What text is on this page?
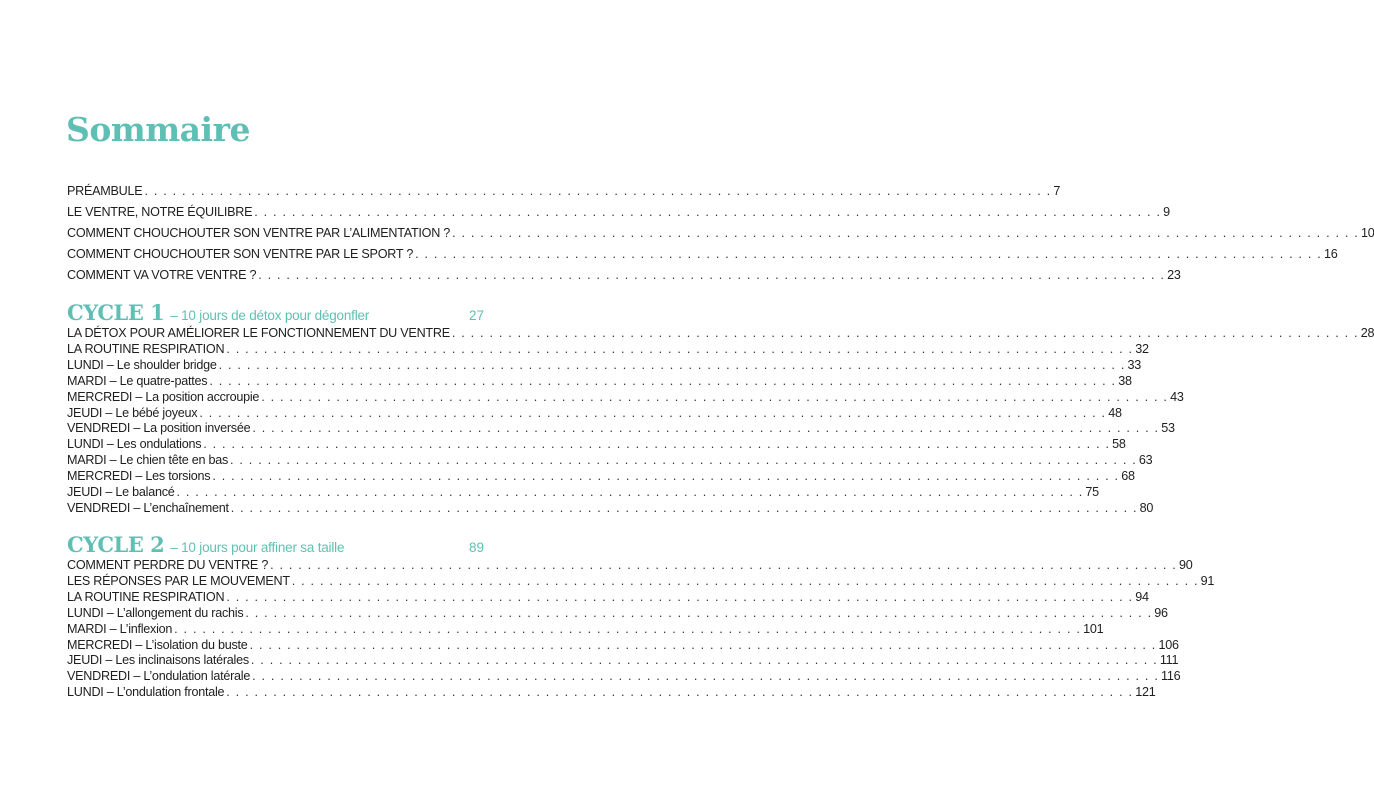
Sommaire
PRÉAMBULE . . . . . . . . . . . . . . . . . . . . . . . . . . . . . . . . . . . . . . . . . . . . . . . . . . . . . . . . . . . . . . . . . . . . . . . . . . . . . . . . . . . . . . . . . . . . . . . . . 7
LE VENTRE, NOTRE ÉQUILIBRE . . . . . . . . . . . . . . . . . . . . . . . . . . . . . . . . . . . . . . . . . . . . . . . . . . . . . . . . . . . . . . . . . . . . . . . . . . . . . . . . . . . . . . . . . . . . . . . . . 9
COMMENT CHOUCHOUTER SON VENTRE PAR L’ALIMENTATION ? . . . . . . . . . . . . . . . . . . . . . . . . . . . . . . . . . . . . . . . . . . . . . . . . . . . . . . . . . . . . . . . . . . . . . . . . . . . . . . . . . . . . . . . . . . . . . . . . . 10
COMMENT CHOUCHOUTER SON VENTRE PAR LE SPORT ? . . . . . . . . . . . . . . . . . . . . . . . . . . . . . . . . . . . . . . . . . . . . . . . . . . . . . . . . . . . . . . . . . . . . . . . . . . . . . . . . . . . . . . . . . . . . . . . . . 16
COMMENT VA VOTRE VENTRE ? . . . . . . . . . . . . . . . . . . . . . . . . . . . . . . . . . . . . . . . . . . . . . . . . . . . . . . . . . . . . . . . . . . . . . . . . . . . . . . . . . . . . . . . . . . . . . . . . . 23
CYCLE 1 – 10 jours de détox pour dégonfler	27
LA DÉTOX POUR AMÉLIORER LE FONCTIONNEMENT DU VENTRE . . . . . . . . . . . . . . . . . . . . . . . . . . . . . . . . . . . . . . . . . . . . . . . . . . . . . . . . . . . . . . . . . . . . . . . . . . . . . . . . . . . . . . . . . . . . . . . . . 28
LA ROUTINE RESPIRATION . . . . . . . . . . . . . . . . . . . . . . . . . . . . . . . . . . . . . . . . . . . . . . . . . . . . . . . . . . . . . . . . . . . . . . . . . . . . . . . . . . . . . . . . . . . . . . . . . 32
LUNDI – Le shoulder bridge . . . . . . . . . . . . . . . . . . . . . . . . . . . . . . . . . . . . . . . . . . . . . . . . . . . . . . . . . . . . . . . . . . . . . . . . . . . . . . . . . . . . . . . . . . . . . . . . . 33
MARDI – Le quatre-pattes . . . . . . . . . . . . . . . . . . . . . . . . . . . . . . . . . . . . . . . . . . . . . . . . . . . . . . . . . . . . . . . . . . . . . . . . . . . . . . . . . . . . . . . . . . . . . . . . . 38
MERCREDI – La position accroupie . . . . . . . . . . . . . . . . . . . . . . . . . . . . . . . . . . . . . . . . . . . . . . . . . . . . . . . . . . . . . . . . . . . . . . . . . . . . . . . . . . . . . . . . . . . . . . . . . 43
JEUDI – Le bébé joyeux . . . . . . . . . . . . . . . . . . . . . . . . . . . . . . . . . . . . . . . . . . . . . . . . . . . . . . . . . . . . . . . . . . . . . . . . . . . . . . . . . . . . . . . . . . . . . . . . . 48
VENDREDI – La position inversée . . . . . . . . . . . . . . . . . . . . . . . . . . . . . . . . . . . . . . . . . . . . . . . . . . . . . . . . . . . . . . . . . . . . . . . . . . . . . . . . . . . . . . . . . . . . . . . . . 53
LUNDI – Les ondulations . . . . . . . . . . . . . . . . . . . . . . . . . . . . . . . . . . . . . . . . . . . . . . . . . . . . . . . . . . . . . . . . . . . . . . . . . . . . . . . . . . . . . . . . . . . . . . . . . 58
MARDI – Le chien tête en bas . . . . . . . . . . . . . . . . . . . . . . . . . . . . . . . . . . . . . . . . . . . . . . . . . . . . . . . . . . . . . . . . . . . . . . . . . . . . . . . . . . . . . . . . . . . . . . . . . 63
MERCREDI – Les torsions . . . . . . . . . . . . . . . . . . . . . . . . . . . . . . . . . . . . . . . . . . . . . . . . . . . . . . . . . . . . . . . . . . . . . . . . . . . . . . . . . . . . . . . . . . . . . . . . . 68
JEUDI – Le balancé . . . . . . . . . . . . . . . . . . . . . . . . . . . . . . . . . . . . . . . . . . . . . . . . . . . . . . . . . . . . . . . . . . . . . . . . . . . . . . . . . . . . . . . . . . . . . . . . . 75
VENDREDI – L’enchaînement . . . . . . . . . . . . . . . . . . . . . . . . . . . . . . . . . . . . . . . . . . . . . . . . . . . . . . . . . . . . . . . . . . . . . . . . . . . . . . . . . . . . . . . . . . . . . . . . . 80
CYCLE 2 – 10 jours pour affiner sa taille	89
COMMENT PERDRE DU VENTRE ? . . . . . . . . . . . . . . . . . . . . . . . . . . . . . . . . . . . . . . . . . . . . . . . . . . . . . . . . . . . . . . . . . . . . . . . . . . . . . . . . . . . . . . . . . . . . . . . . . 90
LES RÉPONSES PAR LE MOUVEMENT . . . . . . . . . . . . . . . . . . . . . . . . . . . . . . . . . . . . . . . . . . . . . . . . . . . . . . . . . . . . . . . . . . . . . . . . . . . . . . . . . . . . . . . . . . . . . . . . . 91
LA ROUTINE RESPIRATION . . . . . . . . . . . . . . . . . . . . . . . . . . . . . . . . . . . . . . . . . . . . . . . . . . . . . . . . . . . . . . . . . . . . . . . . . . . . . . . . . . . . . . . . . . . . . . . . . 94
LUNDI – L’allongement du rachis . . . . . . . . . . . . . . . . . . . . . . . . . . . . . . . . . . . . . . . . . . . . . . . . . . . . . . . . . . . . . . . . . . . . . . . . . . . . . . . . . . . . . . . . . . . . . . . . . 96
MARDI – L’inflexion . . . . . . . . . . . . . . . . . . . . . . . . . . . . . . . . . . . . . . . . . . . . . . . . . . . . . . . . . . . . . . . . . . . . . . . . . . . . . . . . . . . . . . . . . . . . . . . . . 101
MERCREDI – L’isolation du buste . . . . . . . . . . . . . . . . . . . . . . . . . . . . . . . . . . . . . . . . . . . . . . . . . . . . . . . . . . . . . . . . . . . . . . . . . . . . . . . . . . . . . . . . . . . . . . . . . 106
JEUDI – Les inclinaisons latérales . . . . . . . . . . . . . . . . . . . . . . . . . . . . . . . . . . . . . . . . . . . . . . . . . . . . . . . . . . . . . . . . . . . . . . . . . . . . . . . . . . . . . . . . . . . . . . . . . 111
VENDREDI – L’ondulation latérale . . . . . . . . . . . . . . . . . . . . . . . . . . . . . . . . . . . . . . . . . . . . . . . . . . . . . . . . . . . . . . . . . . . . . . . . . . . . . . . . . . . . . . . . . . . . . . . . . 116
LUNDI – L’ondulation frontale . . . . . . . . . . . . . . . . . . . . . . . . . . . . . . . . . . . . . . . . . . . . . . . . . . . . . . . . . . . . . . . . . . . . . . . . . . . . . . . . . . . . . . . . . . . . . . . . . 121
